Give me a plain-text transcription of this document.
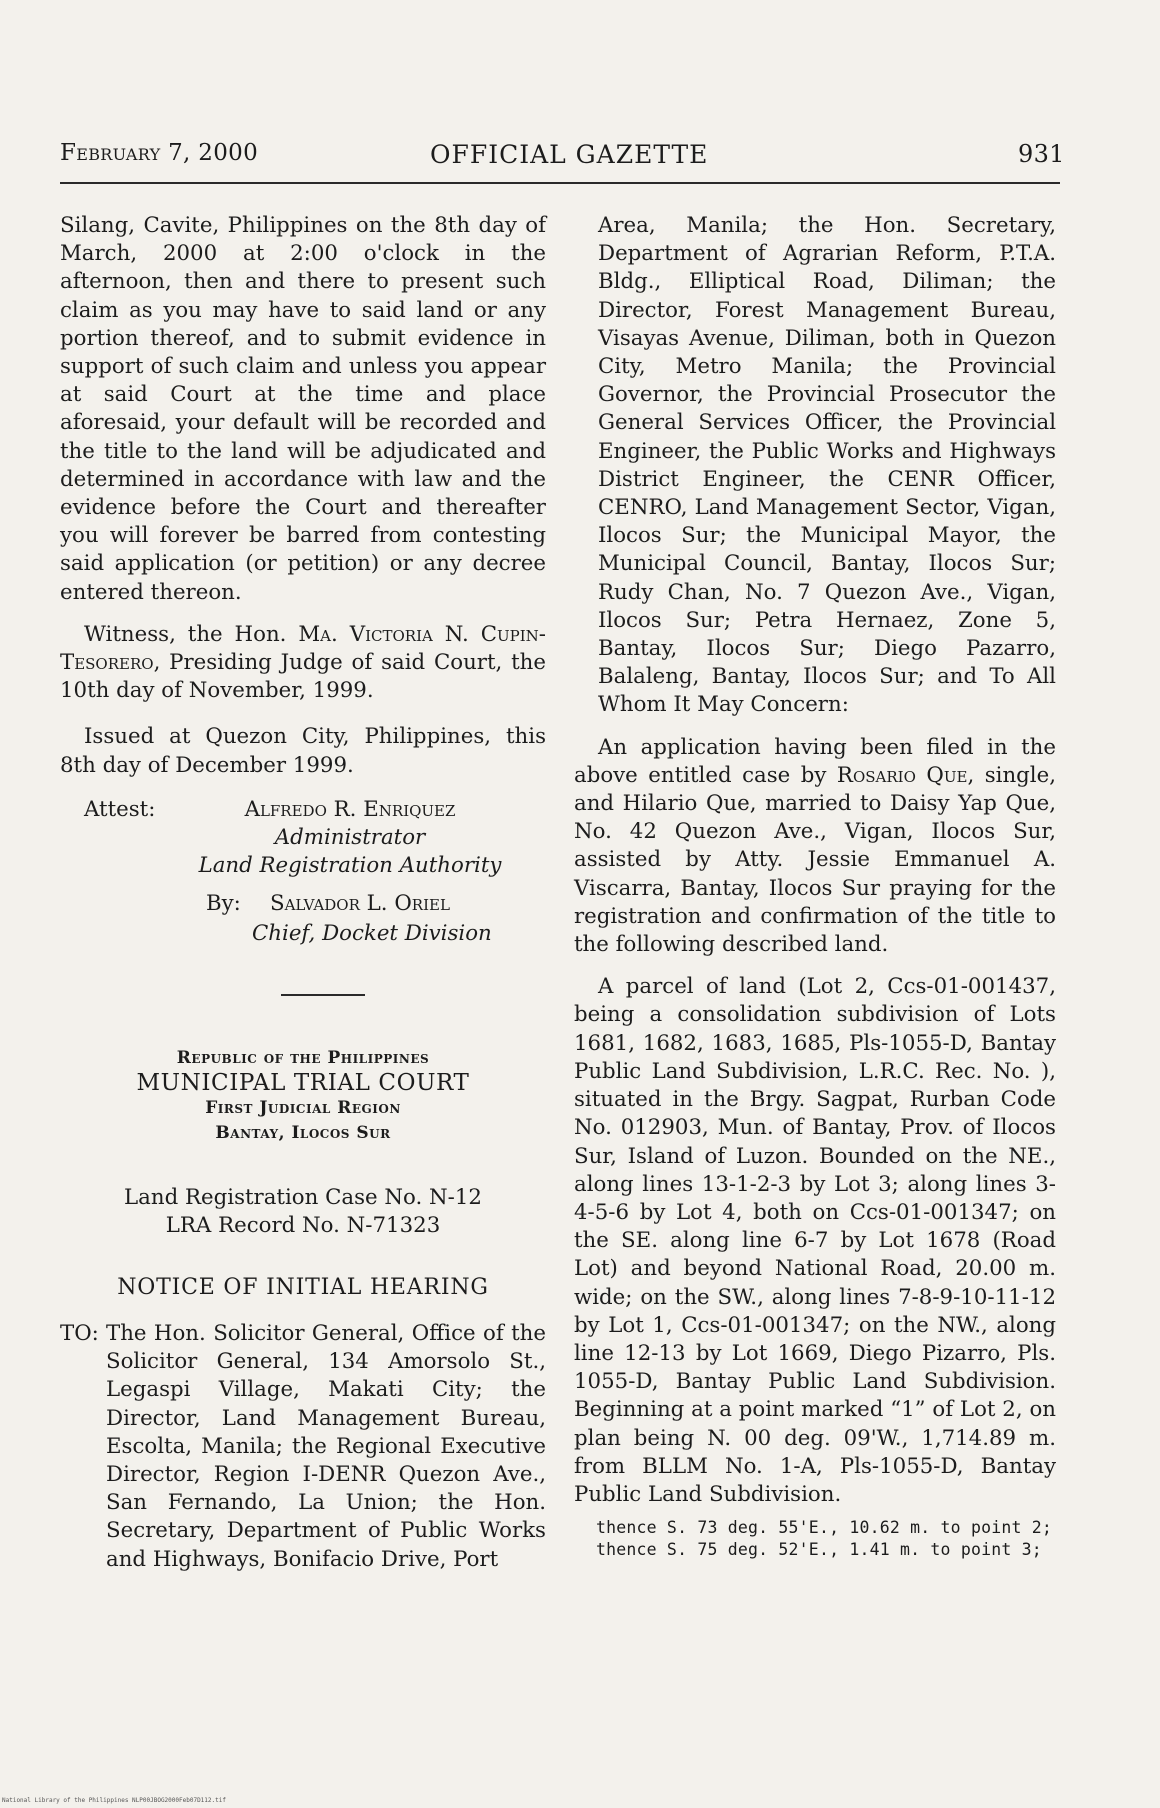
February 7, 2000	OFFICIAL GAZETTE	931

Silang, Cavite, Philippines on the 8th day of March, 2000 at 2:00 o'clock in the afternoon, then and there to present such claim as you may have to said land or any portion thereof, and to submit evidence in support of such claim and unless you appear at said Court at the time and place aforesaid, your default will be recorded and the title to the land will be adjudicated and determined in accordance with law and the evidence before the Court and thereafter you will forever be barred from contesting said application (or petition) or any decree entered thereon.

Witness, the Hon. Ma. Victoria N. Cupin-Tesorero, Presiding Judge of said Court, the 10th day of November, 1999.

Issued at Quezon City, Philippines, this 8th day of December 1999.

Attest:	Alfredo R. Enriquez
Administrator
Land Registration Authority
By: Salvador L. Oriel
Chief, Docket Division
Republic of the Philippines
MUNICIPAL TRIAL COURT
First Judicial Region
Bantay, Ilocos Sur
Land Registration Case No. N-12
LRA Record No. N-71323
NOTICE OF INITIAL HEARING
TO: The Hon. Solicitor General, Office of the Solicitor General, 134 Amorsolo St., Legaspi Village, Makati City; the Director, Land Management Bureau, Escolta, Manila; the Regional Executive Director, Region I-DENR Quezon Ave., San Fernando, La Union; the Hon. Secretary, Department of Public Works and Highways, Bonifacio Drive, Port

Area, Manila; the Hon. Secretary, Department of Agrarian Reform, P.T.A. Bldg., Elliptical Road, Diliman; the Director, Forest Management Bureau, Visayas Avenue, Diliman, both in Quezon City, Metro Manila; the Provincial Governor, the Provincial Prosecutor the General Services Officer, the Provincial Engineer, the Public Works and Highways District Engineer, the CENR Officer, CENRO, Land Management Sector, Vigan, Ilocos Sur; the Municipal Mayor, the Municipal Council, Bantay, Ilocos Sur; Rudy Chan, No. 7 Quezon Ave., Vigan, Ilocos Sur; Petra Hernaez, Zone 5, Bantay, Ilocos Sur; Diego Pazarro, Balaleng, Bantay, Ilocos Sur; and To All Whom It May Concern:

An application having been filed in the above entitled case by Rosario Que, single, and Hilario Que, married to Daisy Yap Que, No. 42 Quezon Ave., Vigan, Ilocos Sur, assisted by Atty. Jessie Emmanuel A. Viscarra, Bantay, Ilocos Sur praying for the registration and confirmation of the title to the following described land.

A parcel of land (Lot 2, Ccs-01-001437, being a consolidation subdivision of Lots 1681, 1682, 1683, 1685, Pls-1055-D, Bantay Public Land Subdivision, L.R.C. Rec. No. ), situated in the Brgy. Sagpat, Rurban Code No. 012903, Mun. of Bantay, Prov. of Ilocos Sur, Island of Luzon. Bounded on the NE., along lines 13-1-2-3 by Lot 3; along lines 3-4-5-6 by Lot 4, both on Ccs-01-001347; on the SE. along line 6-7 by Lot 1678 (Road Lot) and beyond National Road, 20.00 m. wide; on the SW., along lines 7-8-9-10-11-12 by Lot 1, Ccs-01-001347; on the NW., along line 12-13 by Lot 1669, Diego Pizarro, Pls. 1055-D, Bantay Public Land Subdivision. Beginning at a point marked “1” of Lot 2, on plan being N. 00 deg. 09'W., 1,714.89 m. from BLLM No. 1-A, Pls-1055-D, Bantay Public Land Subdivision.

thence S. 73 deg. 55'E., 10.62 m. to point 2;

thence S. 75 deg. 52'E., 1.41 m. to point 3;

National Library of the Philippines NLP00JBOG2000Feb07D112.tif
